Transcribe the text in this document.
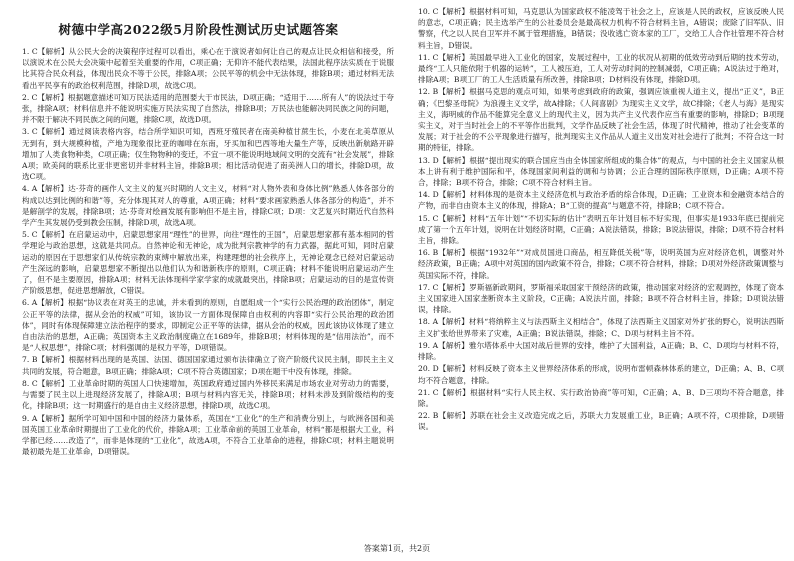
树德中学高2022级5月阶段性测试历史试题答案
1. C【解析】从公民大会的决策程序过程可以看出，乘心在于演说者如何让自己的观点让民众相信和接受，所以演说术在公民大会决策中起着至关重要的作用，C项正确；无仰许不能代表结果，法国此程序法实质在于说服比其符合民众利益，体现出民众不等于公民，排除A项；公民平等的机会中无法体现，排除B项；通过材料无法看出平民享有的政治权利范围，排除D项，故选C项。
2. C【解析】根据题意描述可知万民法适用的范围要大于市民法，D项正确；“适用于……所有人”的说法过于夸张，排除A项；材料信息并不能说明实施万民法实现了自然法，排除B项；万民法也能解决同民族之间的问题，并不限于解决不同民族之间的问题，排除C项，故选D项。
3. C【解析】通过阅读表格内容，结合所学知识可知，西班牙殖民者在南美种植甘蔗生长，小麦在北美草原从无到有，到大规模种植，产地为现象很比亚的咖啡在东南，牙买加和巴西等地大量生产等，反映出新航路开辟增加了人类食物种类，C项正确；仅生物物种的变迁，不宜一项不能说明地域间文明的交流有“社会发展”，排除A项；欧美间的联系比亚非更密切并非材料主旨，排除B项；相比活动促进了南美洲人口的增长，排除D项，故选C项。
4. A【解析】达·芬奇的画作人文主义的复兴时期的人文主义，材料“对人物外表和身体比例”熟悉人体各部分的构成以达到比例的和谐”等，充分体现其对人的尊重，A项正确；材料“要求画家熟悉人体各部分的构造”，并不是解剖学的发展，排除B项；达·芬奇对绘画发展有影响但不是主旨，排除C项；D项：文艺复兴时期近代自然科学产生其发展仍受到教会压制，排除D项，故选A项。
5. C【解析】在启蒙运动中，启蒙思想家用“理性”的世界，向往“理性的王国”，启蒙思想家都有基本相同的哲学理论与政治思想，这就是共同点。自然神论和无神论，成为批判宗教神学的有力武器，据此可知，同时启蒙运动的原因在于思想家们从传统宗教的束缚中解放出来，构建理想的社会秩序上，无神论观念已经对启蒙运动产生深远的影响，启蒙思想家不断提出以他们认为和谐新秩序的原则，C项正确；材料不能说明启蒙运动产生了，但不是主要原因，排除A项；材料无法体现科学家学家的成就最突出，排除B项；启蒙运动的目的是宣传资产阶级思想，促进思想解放，C错误。
6. A【解析】根据“协议表在对英王的忠诚，并未看到的原则，自愿组成一个“实行公民治理的政治团体”，制定公正平等的法律，据从会治的权威”可知，该协议一方面体现保障自由权利的内容即“实行公民治理的政治团体”，同时有体现保障建立法治程序的要求，即制定公正平等的法律，据从会治的权威，因此该协议体现了建立自由法治的思想，A正确；英国资本主义政治制度确立在1689年，排除B项；材料体现的是“信用法治”，而不是“人权思想”，排除C项；材料强调的是权力平等，D项错误。
7. B【解析】根据材料出现的是英国、法国、德国国家通过颁布法律确立了资产阶级代议民主制，即民主主义共同的发展，符合题意，B项正确；排除A项；C项不符合英德国家；D项在题干中没有体现，排除。
8. C【解析】工业革命时期的英国人口快速增加，英国政府通过国内外移民来满足市场农业对劳动力的需要，与需要了民主以上进现经济发展了，排除A项；B项与材料内容无关，排除B项；材料未涉及到阶级结构的变化，排除B项；这一时期盛行的是自由主义经济思想，排除D项，故选C项。
9. A【解析】据所学可知中国和中国的经济力量体系，英国在“工业化”的生产和消费分别上，与欧洲各国和美国英国工业革命时期提出了工业化的代价，排除A项；工业革命前的英国工业革命，材料“都是根据大工业，科学都已经……改造了”，而非是体现的“工业化”，故选A项，不符合工业革命的进程，排除C项；材料主题说明最初最先是工业革命，D项错误。
10. C【解析】根据材料可知，马克思认为国家政权不能凌驾于社会之上，应该是人民的政权，应该反映人民的意志，C项正确；民主选举产生的公社委员会是最高权力机构不符合材料主旨，A错误；废除了旧军队、旧警察，代之以人民自卫军并不属于管理措施，B错误；没收逃亡资本家的工厂，交给工人合作社管理不符合材料主旨，D错误。
11. C【解析】英国最早进入工业化的国家，发展过程中，工业的状况从初期的低效劳动到后期的技术劳动，最终“工人只能依附于机器的运转”，工人被压迫，工人对劳动时间的控制减弱，C项正确；A说法过于绝对，排除A项；B项工厂的工人生活质量有所改善，排除B项；D材料没有体现，排除D项。
12. B【解析】根据马克思的观点可知，如果考虑到政府的政策，强调应该重视人道主义，提出“正义”，B正确；《巴黎圣母院》为浪漫主义文学，故A排除；《人间喜剧》为现实主义文学，故C排除；《老人与海》是现实主义，海明威的作品不能算完全意义上的现代主义，因为共产主义代表作应当有重要的影响，排除D；B项现实主义，对于当时社会上的不平等作出批判，文学作品反映了社会生活，体现了时代精神，推动了社会变革的发展；对于社会的不公平现象进行描写，批判现实主义作品从人道主义出发对社会进行了批判；不符合这一时期的特征，排除。
13. D【解析】根据“提出现实的联合国应当由全体国家所组成的集合体”的观点，与中国的社会主义国家从根本上讲有利于维护国际和平，体现国家间利益的调和与协调；公正合理的国际秩序原则，D正确；A项不符合，排除；B项不符合，排除；C项不符合材料主旨。
14. D【解析】材料体现的是资本主义经济危机与政治矛盾的综合体现，D正确；工业资本和金融资本结合的产物，而非自由资本主义的体现，排除A；B“工资的提高”与题意不符，排除B；C项不符合。
15. C【解析】材料“五年计划”“不切实际的估计”表明五年计划目标不好实现，但事实是1933年底已提前完成了第一个五年计划，说明在计划经济时期，C正确；A说法错误，排除；B说法错误，排除；D项不符合材料主旨，排除。
16. B【解析】根据“1932年”“对成员国进口商品，相互降低关税”等，说明英国为应对经济危机，调整对外经济政策，B正确；A项中对英国的国内政策不符合，排除；C项不符合材料，排除；D项对外经济政策调整与英国实际不符，排除。
17. C【解析】罗斯福新政期间，罗斯福采取国家干预经济的政策，推动国家对经济的宏观调控，体现了资本主义国家进入国家垄断资本主义阶段，C正确；A说法片面，排除；B项不符合材料主旨，排除；D项说法错误，排除。
18. A【解析】材料“将纳粹主义与法西斯主义相结合”，体现了法西斯主义国家对外扩张的野心，说明法西斯主义扩张给世界带来了灾难，A正确；B说法错误，排除；C、D项与材料主旨不符。
19. A【解析】雅尔塔体系中大国对战后世界的安排，维护了大国利益，A正确；B、C、D项均与材料不符，排除。
20. D【解析】材料反映了资本主义世界经济体系的形成，说明布雷顿森林体系的建立，D正确；A、B、C项均不符合题意，排除。
21. C【解析】根据材料“实行人民主权、实行政治协商”等可知，C正确；A、B、D三项均不符合题意，排除。
22. B【解析】苏联在社会主义改造完成之后，苏联大力发展重工业，B正确；A项不符，C项排除，D项错误。
答案第1页，共2页
